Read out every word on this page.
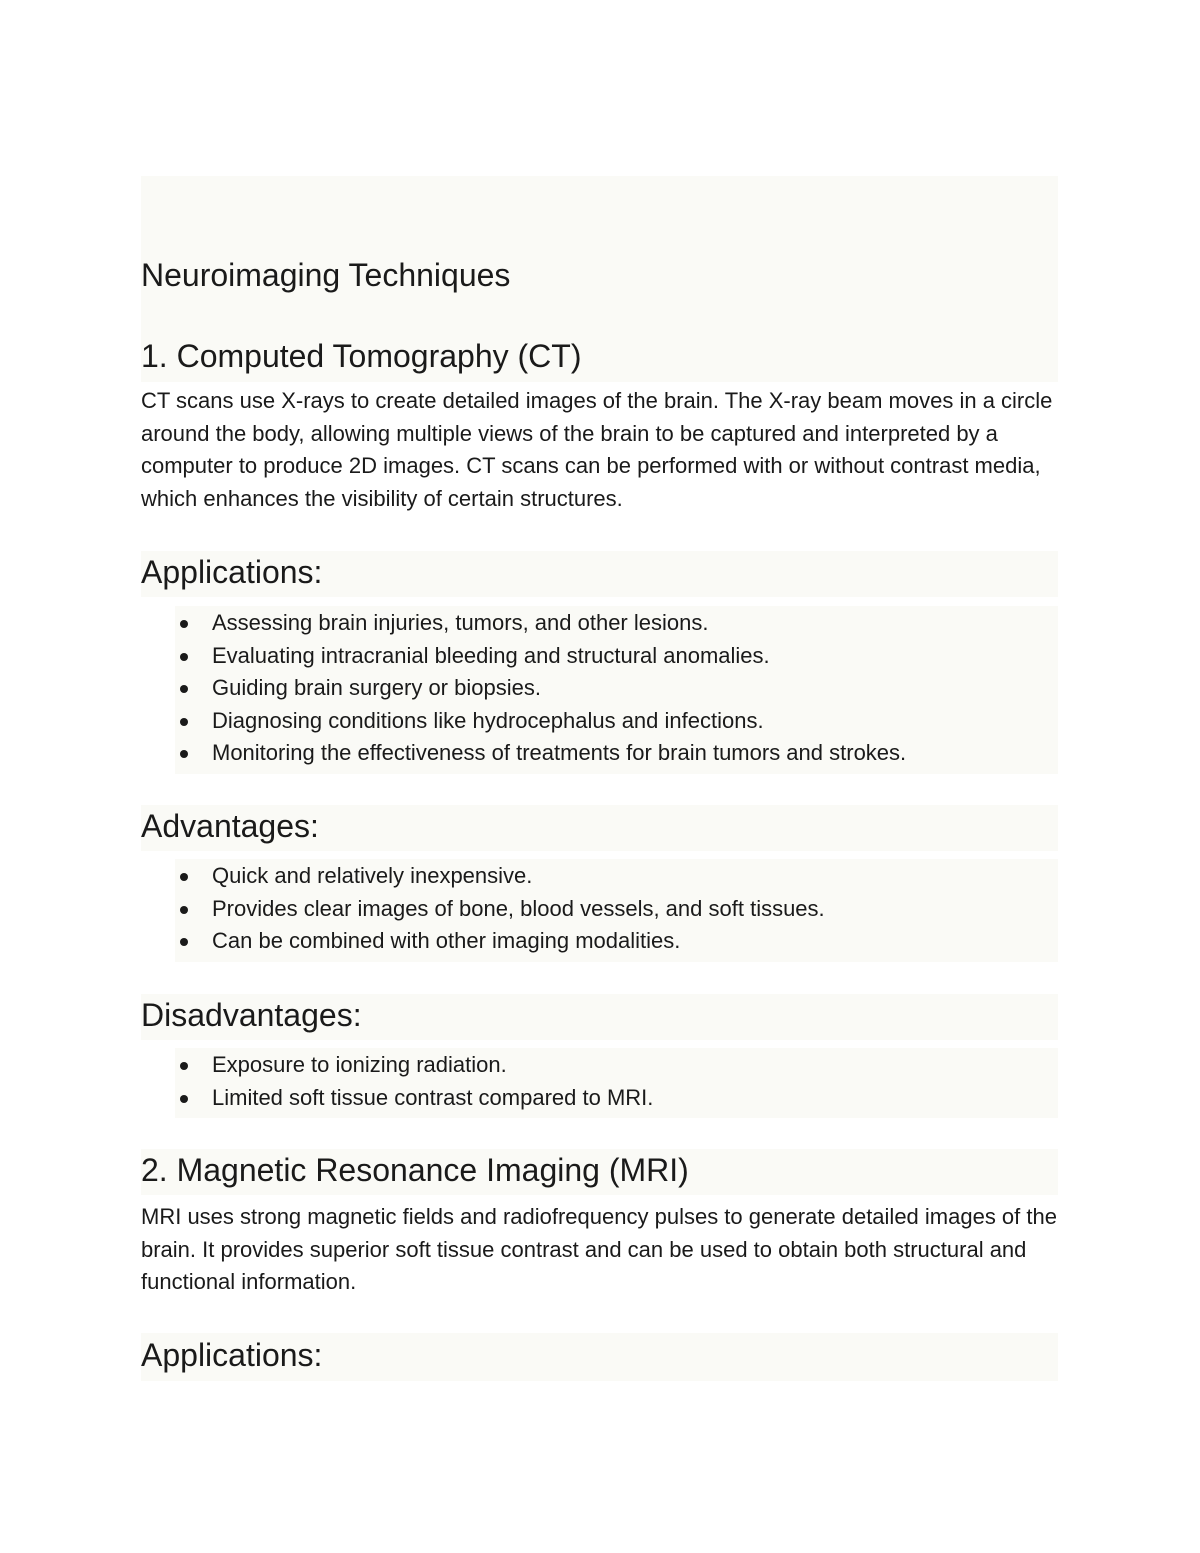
Neuroimaging Techniques
1. Computed Tomography (CT)

CT scans use X-rays to create detailed images of the brain. The X-ray beam moves in a circle around the body, allowing multiple views of the brain to be captured and interpreted by a computer to produce 2D images. CT scans can be performed with or without contrast media, which enhances the visibility of certain structures.

Applications:
Assessing brain injuries, tumors, and other lesions.
Evaluating intracranial bleeding and structural anomalies.
Guiding brain surgery or biopsies.
Diagnosing conditions like hydrocephalus and infections.
Monitoring the effectiveness of treatments for brain tumors and strokes.
Advantages:
Quick and relatively inexpensive.
Provides clear images of bone, blood vessels, and soft tissues.
Can be combined with other imaging modalities.
Disadvantages:
Exposure to ionizing radiation.
Limited soft tissue contrast compared to MRI.
2. Magnetic Resonance Imaging (MRI)

MRI uses strong magnetic fields and radiofrequency pulses to generate detailed images of the brain. It provides superior soft tissue contrast and can be used to obtain both structural and functional information.

Applications:
